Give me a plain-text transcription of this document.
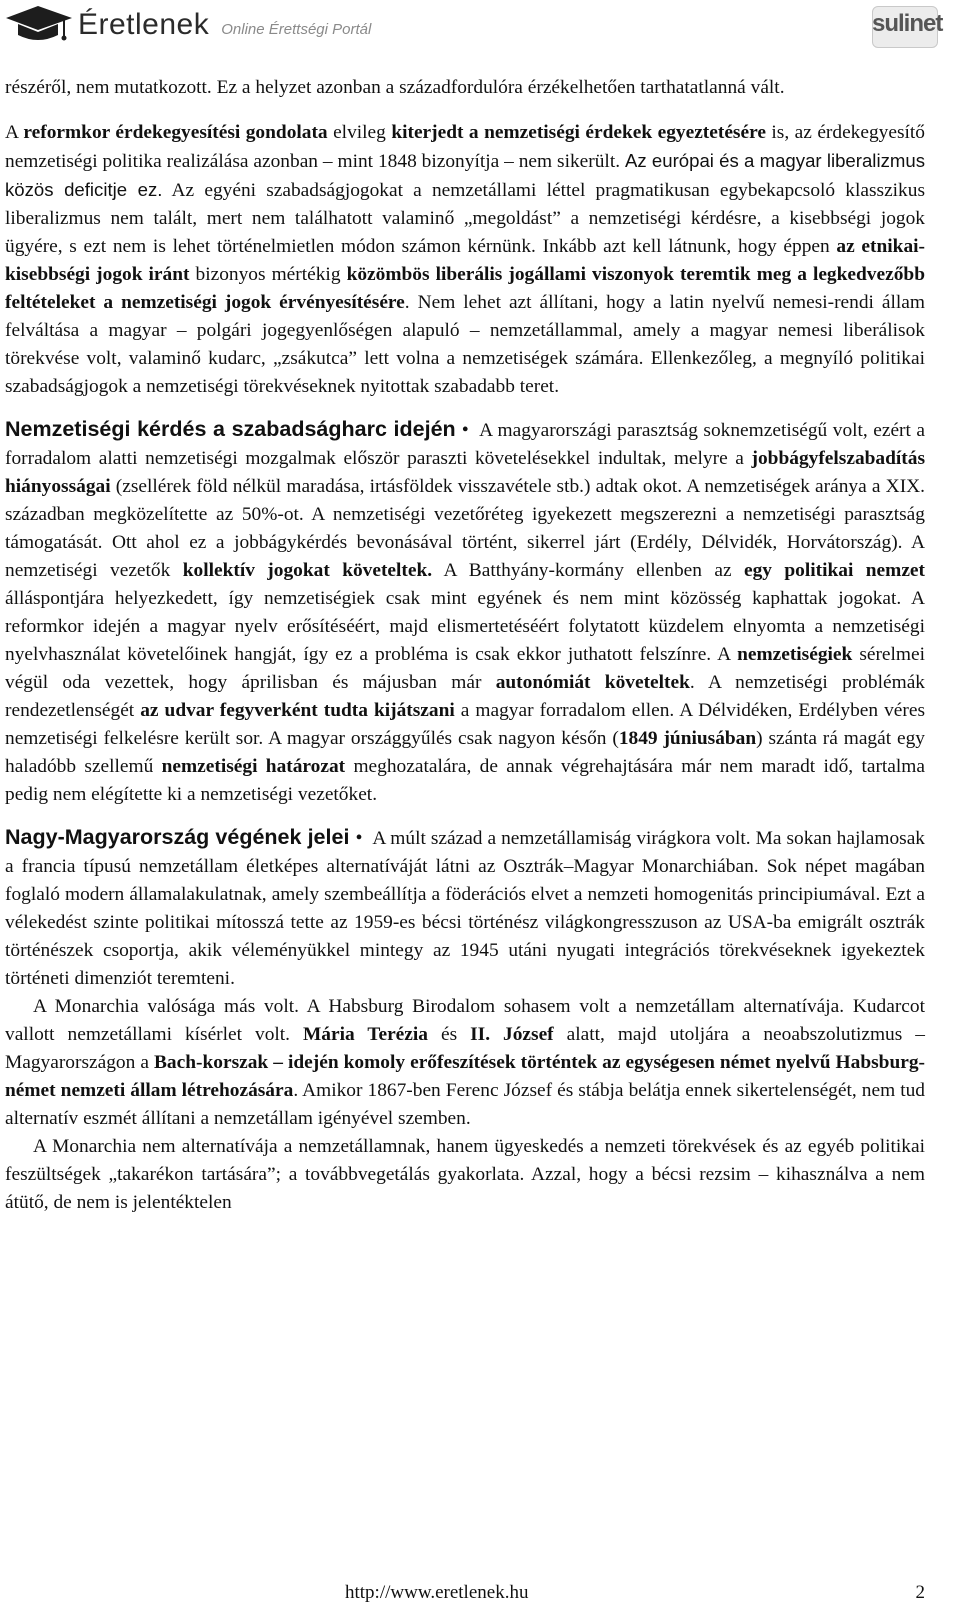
Éretlenek Online Érettségi Portál	sulinet

részéről, nem mutatkozott. Ez a helyzet azonban a századfordulóra érzékelhetően tarthatatlanná vált.

A reformkor érdekegyesítési gondolata elvileg kiterjedt a nemzetiségi érdekek egyeztetésére is, az érdekegyesítő nemzetiségi politika realizálása azonban – mint 1848 bizonyítja – nem sikerült. Az európai és a magyar liberalizmus közös deficitje ez. Az egyéni szabadságjogokat a nemzetállami léttel pragmatikusan egybekapcsoló klasszikus liberalizmus nem talált, mert nem találhatott valaminő „megoldást” a nemzetiségi kérdésre, a kisebbségi jogok ügyére, s ezt nem is lehet történelmietlen módon számon kérnünk. Inkább azt kell látnunk, hogy éppen az etnikai-kisebbségi jogok iránt bizonyos mértékig közömbös liberális jogállami viszonyok teremtik meg a legkedvezőbb feltételeket a nemzetiségi jogok érvényesítésére. Nem lehet azt állítani, hogy a latin nyelvű nemesi-rendi állam felváltása a magyar – polgári jogegyenlőségen alapuló – nemzetállammal, amely a magyar nemesi liberálisok törekvése volt, valaminő kudarc, „zsákutca” lett volna a nemzetiségek számára. Ellenkezőleg, a megnyíló politikai szabadságjogok a nemzetiségi törekvéseknek nyitottak szabadabb teret.

Nemzetiségi kérdés a szabadságharc idején • A magyarországi parasztság soknemzetiségű volt, ezért a forradalom alatti nemzetiségi mozgalmak először paraszti követelésekkel indultak, melyre a jobbágyfelszabadítás hiányosságai (zsellérek föld nélkül maradása, irtásföldek visszavétele stb.) adtak okot. A nemzetiségek aránya a XIX. században megközelítette az 50%-ot. A nemzetiségi vezetőréteg igyekezett megszerezni a nemzetiségi parasztság támogatását. Ott ahol ez a jobbágykérdés bevonásával történt, sikerrel járt (Erdély, Délvidék, Horvátország). A nemzetiségi vezetők kollektív jogokat követeltek. A Batthyány-kormány ellenben az egy politikai nemzet álláspontjára helyezkedett, így nemzetiségiek csak mint egyének és nem mint közösség kaphattak jogokat. A reformkor idején a magyar nyelv erősítéséért, majd elismertetéséért folytatott küzdelem elnyomta a nemzetiségi nyelvhasználat követelőinek hangját, így ez a probléma is csak ekkor juthatott felszínre. A nemzetiségiek sérelmei végül oda vezettek, hogy áprilisban és májusban már autonómiát követeltek. A nemzetiségi problémák rendezetlenségét az udvar fegyverként tudta kijátszani a magyar forradalom ellen. A Délvidéken, Erdélyben véres nemzetiségi felkelésre került sor. A magyar országgyűlés csak nagyon későn (1849 júniusában) szánta rá magát egy haladóbb szellemű nemzetiségi határozat meghozatalára, de annak végrehajtására már nem maradt idő, tartalma pedig nem elégítette ki a nemzetiségi vezetőket.

Nagy-Magyarország végének jelei • A múlt század a nemzetállamiság virágkora volt. Ma sokan hajlamosak a francia típusú nemzetállam életképes alternatíváját látni az Osztrák–Magyar Monarchiában. Sok népet magában foglaló modern államalakulatnak, amely szembeállítja a föderációs elvet a nemzeti homogenitás principiumával. Ezt a vélekedést szinte politikai mítosszá tette az 1959-es bécsi történész világkongresszuson az USA-ba emigrált osztrák történészek csoportja, akik véleményükkel mintegy az 1945 utáni nyugati integrációs törekvéseknek igyekeztek történeti dimenziót teremteni.

A Monarchia valósága más volt. A Habsburg Birodalom sohasem volt a nemzetállam alternatívája. Kudarcot vallott nemzetállami kísérlet volt. Mária Terézia és II. József alatt, majd utoljára a neoabszolutizmus – Magyarországon a Bach-korszak – idején komoly erőfeszítések történtek az egységesen német nyelvű Habsburg-német nemzeti állam létrehozására. Amikor 1867-ben Ferenc József és stábja belátja ennek sikertelenségét, nem tud alternatív eszmét állítani a nemzetállam igényével szemben.

A Monarchia nem alternatívája a nemzetállamnak, hanem ügyeskedés a nemzeti törekvések és az egyéb politikai feszültségek „takarékon tartására”; a továbbvegetálás gyakorlata. Azzal, hogy a bécsi rezsim – kihasználva a nem átütő, de nem is jelentéktelen

http://www.eretlenek.hu	2
